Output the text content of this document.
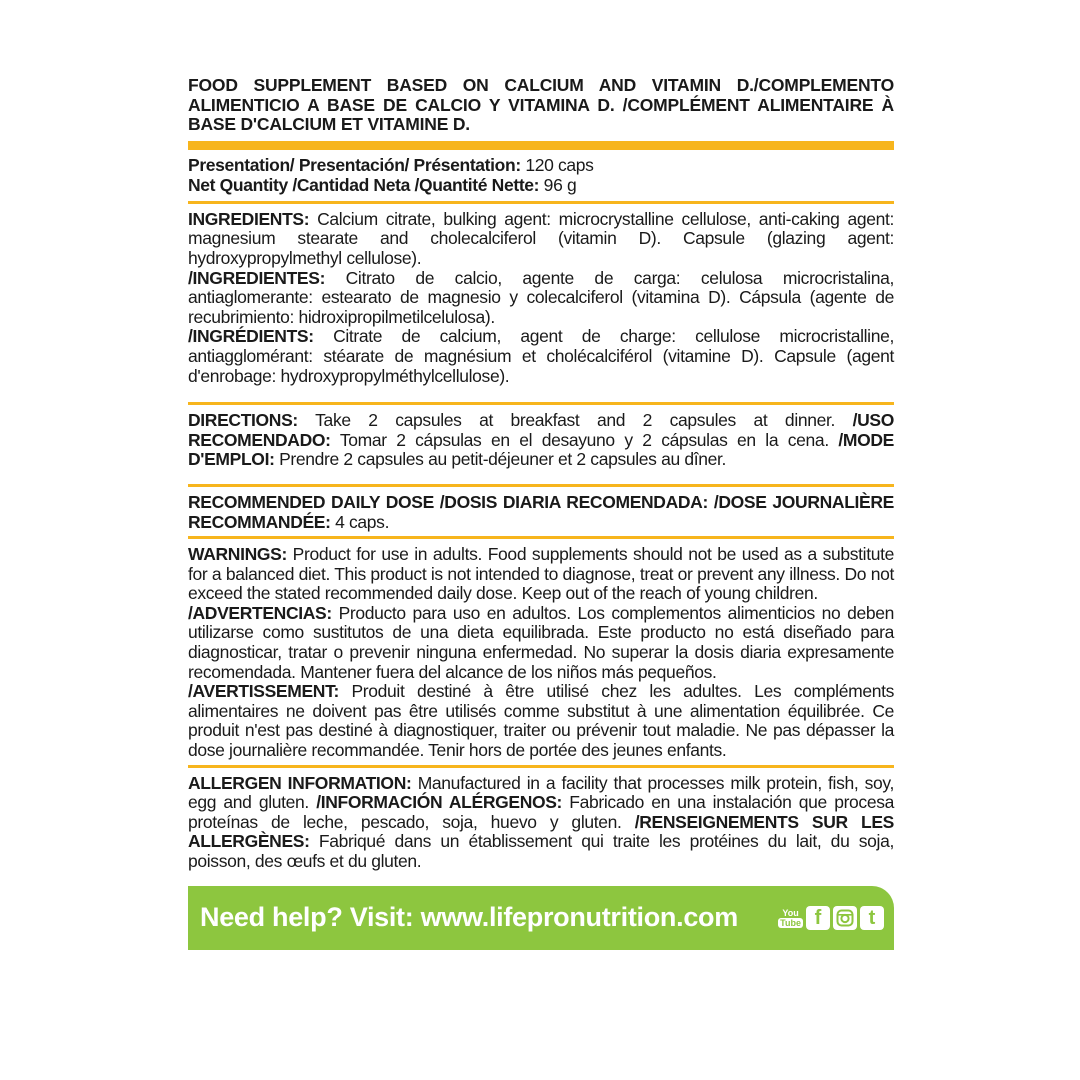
FOOD SUPPLEMENT BASED ON CALCIUM AND VITAMIN D./COMPLEMENTO ALIMENTICIO A BASE DE CALCIO Y VITAMINA D. /COMPLÉMENT ALIMENTAIRE À BASE D'CALCIUM ET VITAMINE D.
Presentation/ Presentación/ Présentation: 120 caps
Net Quantity /Cantidad Neta /Quantité Nette: 96 g

INGREDIENTS: Calcium citrate, bulking agent: microcrystalline cellulose, anti-caking agent: magnesium stearate and cholecalciferol (vitamin D). Capsule (glazing agent: hydroxypropylmethyl cellulose).

/INGREDIENTES: Citrato de calcio, agente de carga: celulosa microcristalina, antiaglomerante: estearato de magnesio y colecalciferol (vitamina D). Cápsula (agente de recubrimiento: hidroxipropilmetilcelulosa).

/INGRÉDIENTS: Citrate de calcium, agent de charge: cellulose microcristalline, antiagglomérant: stéarate de magnésium et cholécalciférol (vitamine D). Capsule (agent d'enrobage: hydroxypropylméthylcellulose).

DIRECTIONS: Take 2 capsules at breakfast and 2 capsules at dinner. /USO RECOMENDADO: Tomar 2 cápsulas en el desayuno y 2 cápsulas en la cena. /MODE D'EMPLOI: Prendre 2 capsules au petit-déjeuner et 2 capsules au dîner.

RECOMMENDED DAILY DOSE /DOSIS DIARIA RECOMENDADA: /DOSE JOURNALIÈRE RECOMMANDÉE: 4 caps.

WARNINGS: Product for use in adults. Food supplements should not be used as a substitute for a balanced diet. This product is not intended to diagnose, treat or prevent any illness. Do not exceed the stated recommended daily dose. Keep out of the reach of young children.

/ADVERTENCIAS: Producto para uso en adultos. Los complementos alimenticios no deben utilizarse como sustitutos de una dieta equilibrada. Este producto no está diseñado para diagnosticar, tratar o prevenir ninguna enfermedad. No superar la dosis diaria expresamente recomendada. Mantener fuera del alcance de los niños más pequeños.

/AVERTISSEMENT: Produit destiné à être utilisé chez les adultes. Les compléments alimentaires ne doivent pas être utilisés comme substitut à une alimentation équilibrée. Ce produit n'est pas destiné à diagnostiquer, traiter ou prévenir tout maladie. Ne pas dépasser la dose journalière recommandée. Tenir hors de portée des jeunes enfants.

ALLERGEN INFORMATION: Manufactured in a facility that processes milk protein, fish, soy, egg and gluten. /INFORMACIÓN ALÉRGENOS: Fabricado en una instalación que procesa proteínas de leche, pescado, soja, huevo y gluten. /RENSEIGNEMENTS SUR LES ALLERGÈNES: Fabriqué dans un établissement qui traite les protéines du lait, du soja, poisson, des œufs et du gluten.

Need help? Visit: www.lifepronutrition.com	You
Tube f	t
